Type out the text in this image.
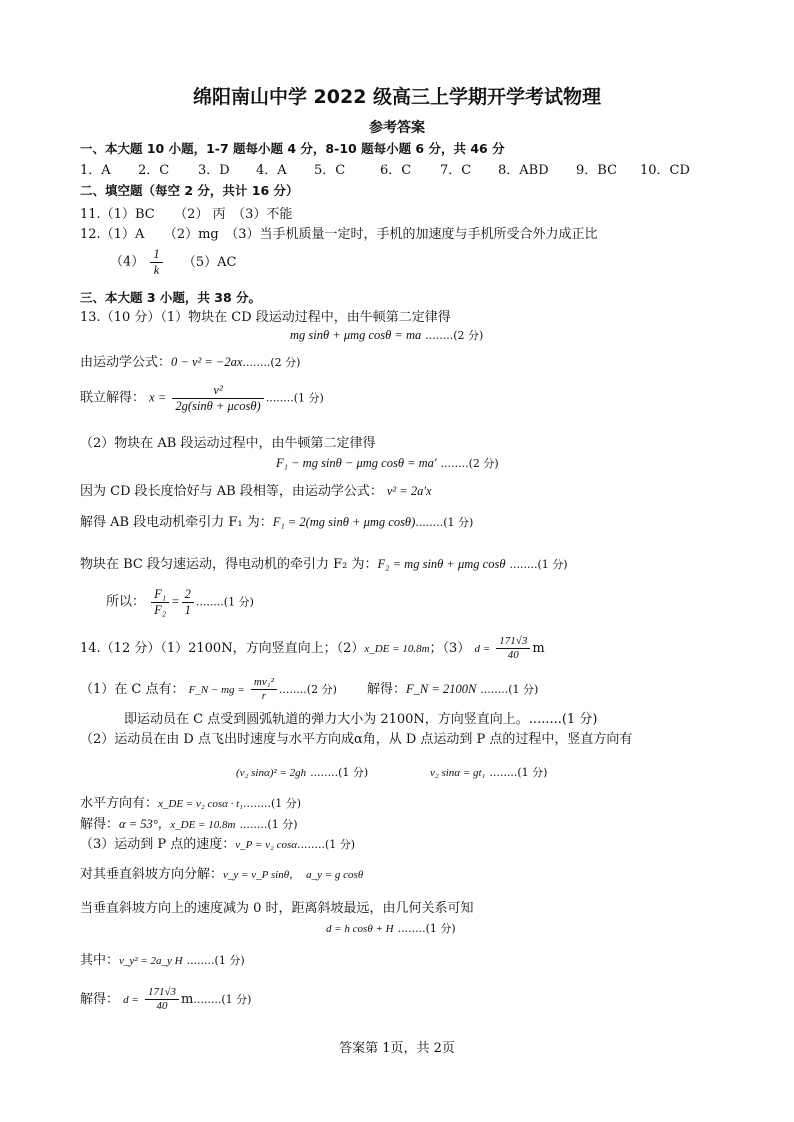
绵阳南山中学 2022 级高三上学期开学考试物理
参考答案
一、本大题 10 小题，1-7 题每小题 4 分，8-10 题每小题 6 分，共 46 分
1．A 2．C 3．D 4．A 5．C	6．C 7．C 8．ABD 9．BC 10．CD
二、填空题（每空 2 分，共计 16 分）
11.（1）BC　　（2） 丙　（3）不能
12.（1）A　　（2）mg　（3）当手机质量一定时，手机的加速度与手机所受合外力成正比
$(4) \frac{1}{k} (5)AC$
三、本大题 3 小题，共 38 分。
13.（10 分）（1）物块在 CD 段运动过程中，由牛顿第二定律得
mg sinθ + μmg cosθ = ma ........(2 分)
由运动学公式：0 − v² = −2ax........(2 分)
联立解得： $x = \frac{\text{v²}}{2g(\sin\theta + \mu\cos\theta)} ........(1$ 分)
（2）物块在 AB 段运动过程中，由牛顿第二定律得
F₁ − mg sinθ − μmg cosθ = ma′ ........(2 分)
因为 CD 段长度恰好与 AB 段相等，由运动学公式： v² = 2a′x
解得 AB 段电动机牵引力 F₁ 为：F₁ = 2(mg sinθ + μmg cosθ)........(1 分)
物块在 BC 段匀速运动，得电动机的牵引力 F₂ 为：F₂ = mg sinθ + μmg cosθ ........(1 分)
所以： $\frac{\text{F₁}}{\text{F₂}} = \frac{2}{1} ........(1$ 分)
14.（12 分）（1）2100N，方向竖直向上；（2）x_DE = 10.8m；（3） $d = \frac{171√3}{40}$ m
（1）在 C 点有： F_N − mg = $\frac{\text{mv₁²}}{r} ........(2$ 分) 解得：F_N = 2100N ........(1 分)
即运动员在 C 点受到圆弧轨道的弹力大小为 2100N，方向竖直向上。........(1 分)
（2）运动员在由 D 点飞出时速度与水平方向成α角，从 D 点运动到 P 点的过程中，竖直方向有
(v₂ sinα)² = 2gh ........(1 分)	v₂ sinα = gt₁ ........(1 分)
水平方向有：x_DE = v₂ cosα · t₁........(1 分)
解得：α = 53°，x_DE = 10.8m ........(1 分)
（3）运动到 P 点的速度：v_P = v₂ cosα........(1 分)
对其垂直斜坡方向分解：v_y = v_P sinθ， a_y = g cosθ
当垂直斜坡方向上的速度减为 0 时，距离斜坡最远，由几何关系可知
d = h cosθ + H ........(1 分)
其中：v_y² = 2a_y H ........(1 分)
解得： $d = \frac{171√3}{40} m........(1$ 分)
答案第 1页，共 2页
